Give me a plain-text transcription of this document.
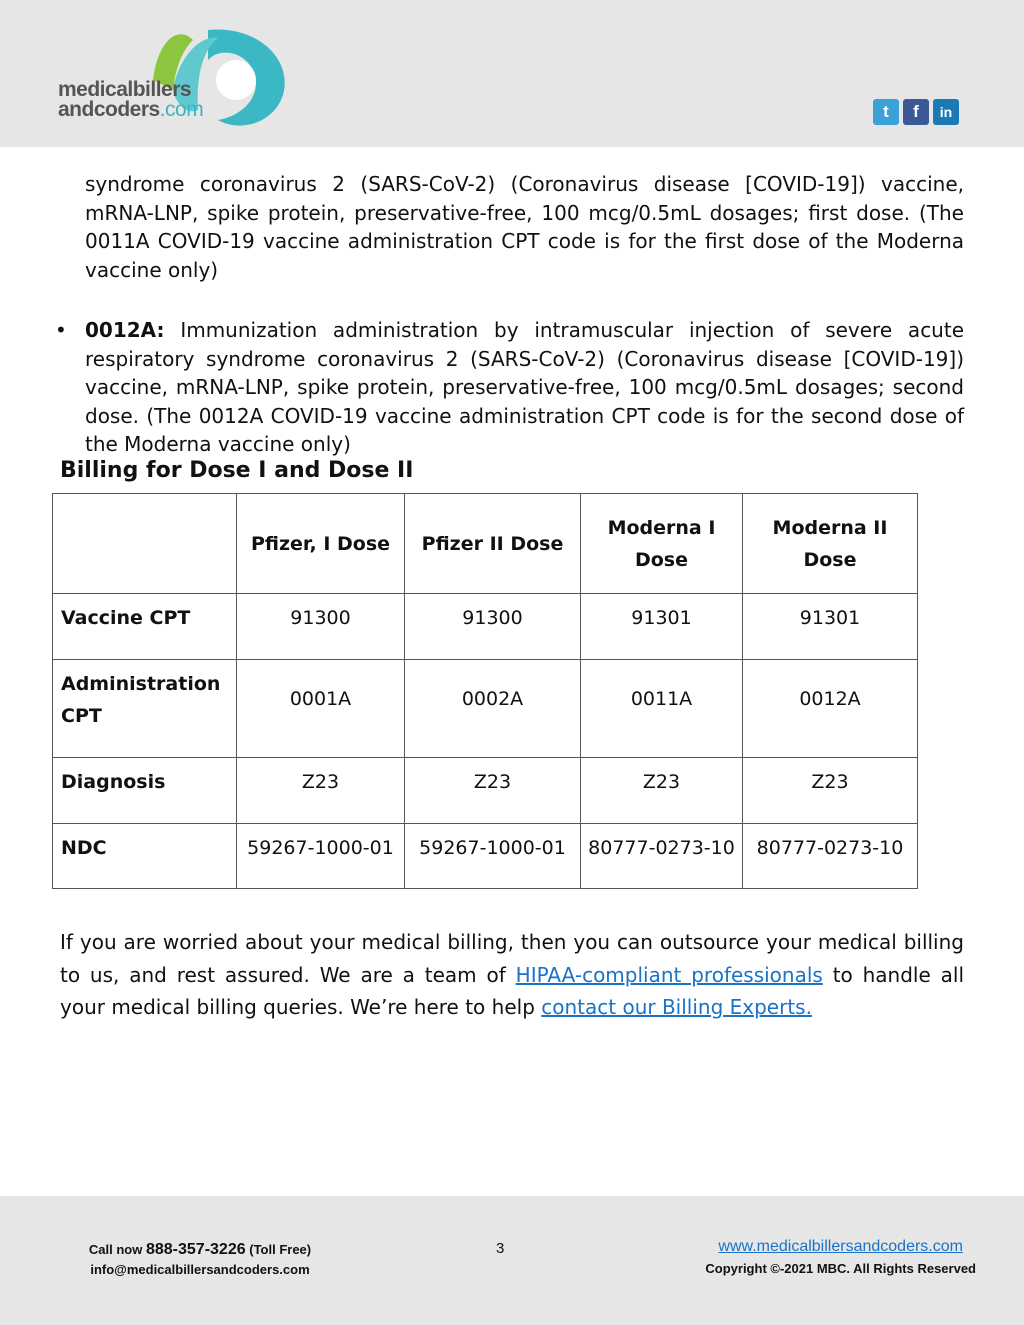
medicalbillers
andcoders.com	t	f	in

syndrome coronavirus 2 (SARS-CoV-2) (Coronavirus disease [COVID-19]) vaccine, mRNA-LNP, spike protein, preservative-free, 100 mcg/0.5mL dosages; first dose. (The 0011A COVID-19 vaccine administration CPT code is for the first dose of the Moderna vaccine only)

• 0012A: Immunization administration by intramuscular injection of severe acute respiratory syndrome coronavirus 2 (SARS-CoV-2) (Coronavirus disease [COVID-19]) vaccine, mRNA-LNP, spike protein, preservative-free, 100 mcg/0.5mL dosages; second dose. (The 0012A COVID-19 vaccine administration CPT code is for the second dose of the Moderna vaccine only)
Billing for Dose I and Dose II
	Pfizer, I Dose	Pfizer II Dose	Moderna I Dose	Moderna II Dose
Vaccine CPT	91300	91300	91301	91301
Administration CPT	0001A	0002A	0011A	0012A
Diagnosis	Z23	Z23	Z23	Z23
NDC	59267-1000-01	59267-1000-01	80777-0273-10	80777-0273-10
If you are worried about your medical billing, then you can outsource your medical billing to us, and rest assured. We are a team of HIPAA-compliant professionals to handle all your medical billing queries. We’re here to help contact our Billing Experts.
Call now 888-357-3226 (Toll Free)
info@medicalbillersandcoders.com
3	www.medicalbillersandcoders.com
Copyright ©-2021 MBC. All Rights Reserved
